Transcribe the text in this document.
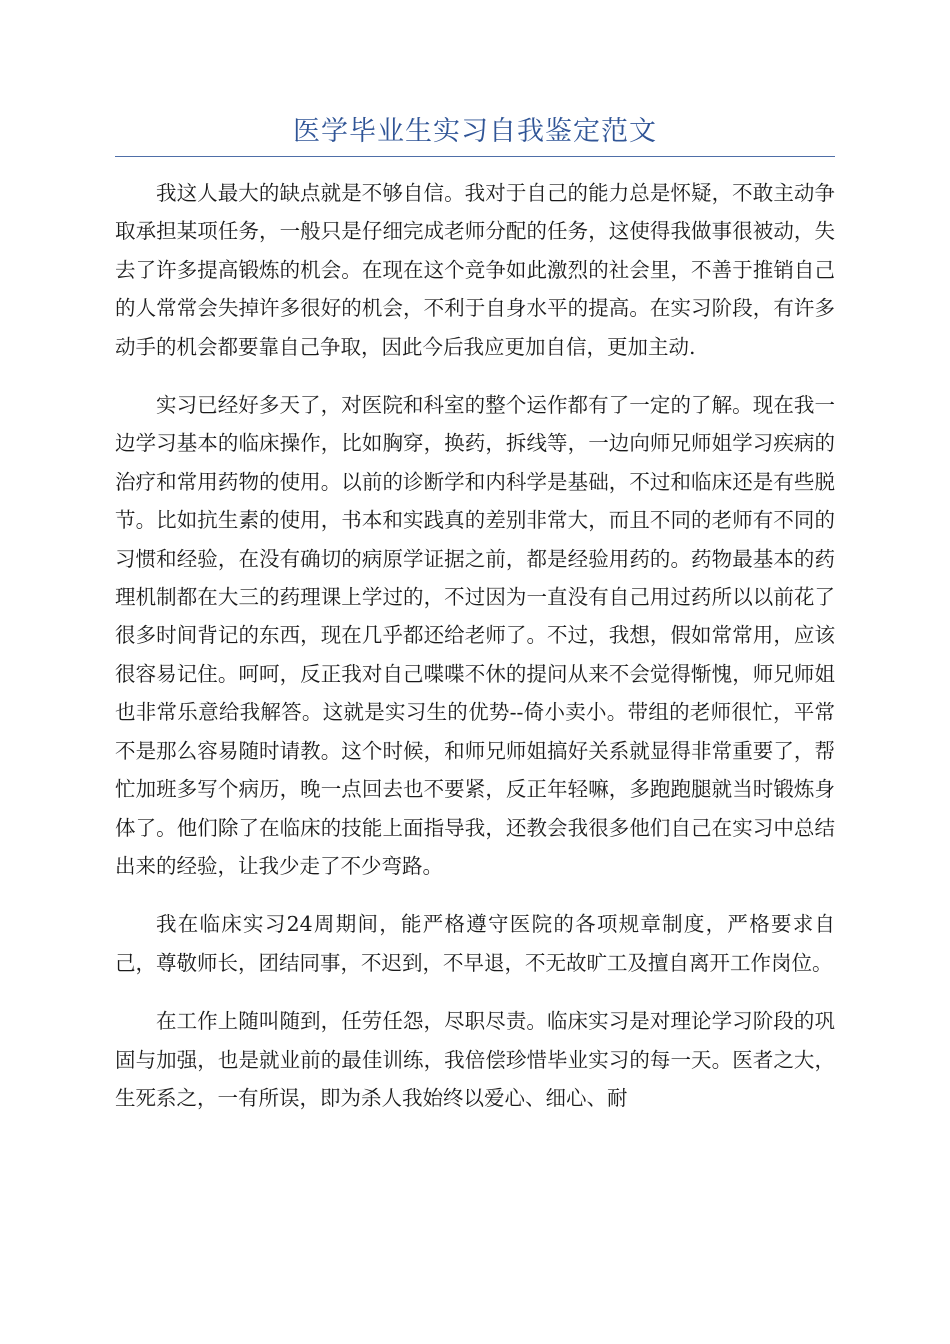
医学毕业生实习自我鉴定范文

我这人最大的缺点就是不够自信。我对于自己的能力总是怀疑，不敢主动争取承担某项任务，一般只是仔细完成老师分配的任务，这使得我做事很被动，失去了许多提高锻炼的机会。在现在这个竞争如此激烈的社会里，不善于推销自己的人常常会失掉许多很好的机会，不利于自身水平的提高。在实习阶段，有许多动手的机会都要靠自己争取，因此今后我应更加自信，更加主动.

实习已经好多天了，对医院和科室的整个运作都有了一定的了解。现在我一边学习基本的临床操作，比如胸穿，换药，拆线等，一边向师兄师姐学习疾病的治疗和常用药物的使用。以前的诊断学和内科学是基础，不过和临床还是有些脱节。比如抗生素的使用，书本和实践真的差别非常大，而且不同的老师有不同的习惯和经验，在没有确切的病原学证据之前，都是经验用药的。药物最基本的药理机制都在大三的药理课上学过的，不过因为一直没有自己用过药所以以前花了很多时间背记的东西，现在几乎都还给老师了。不过，我想，假如常常用，应该很容易记住。呵呵，反正我对自己喋喋不休的提问从来不会觉得惭愧，师兄师姐也非常乐意给我解答。这就是实习生的优势--倚小卖小。带组的老师很忙，平常不是那么容易随时请教。这个时候，和师兄师姐搞好关系就显得非常重要了，帮忙加班多写个病历，晚一点回去也不要紧，反正年轻嘛，多跑跑腿就当时锻炼身体了。他们除了在临床的技能上面指导我，还教会我很多他们自己在实习中总结出来的经验，让我少走了不少弯路。

我在临床实习24周期间，能严格遵守医院的各项规章制度，严格要求自己，尊敬师长，团结同事，不迟到，不早退，不无故旷工及擅自离开工作岗位。

在工作上随叫随到，任劳任怨，尽职尽责。临床实习是对理论学习阶段的巩固与加强，也是就业前的最佳训练，我倍偿珍惜毕业实习的每一天。医者之大，生死系之，一有所误，即为杀人我始终以爱心、细心、耐
